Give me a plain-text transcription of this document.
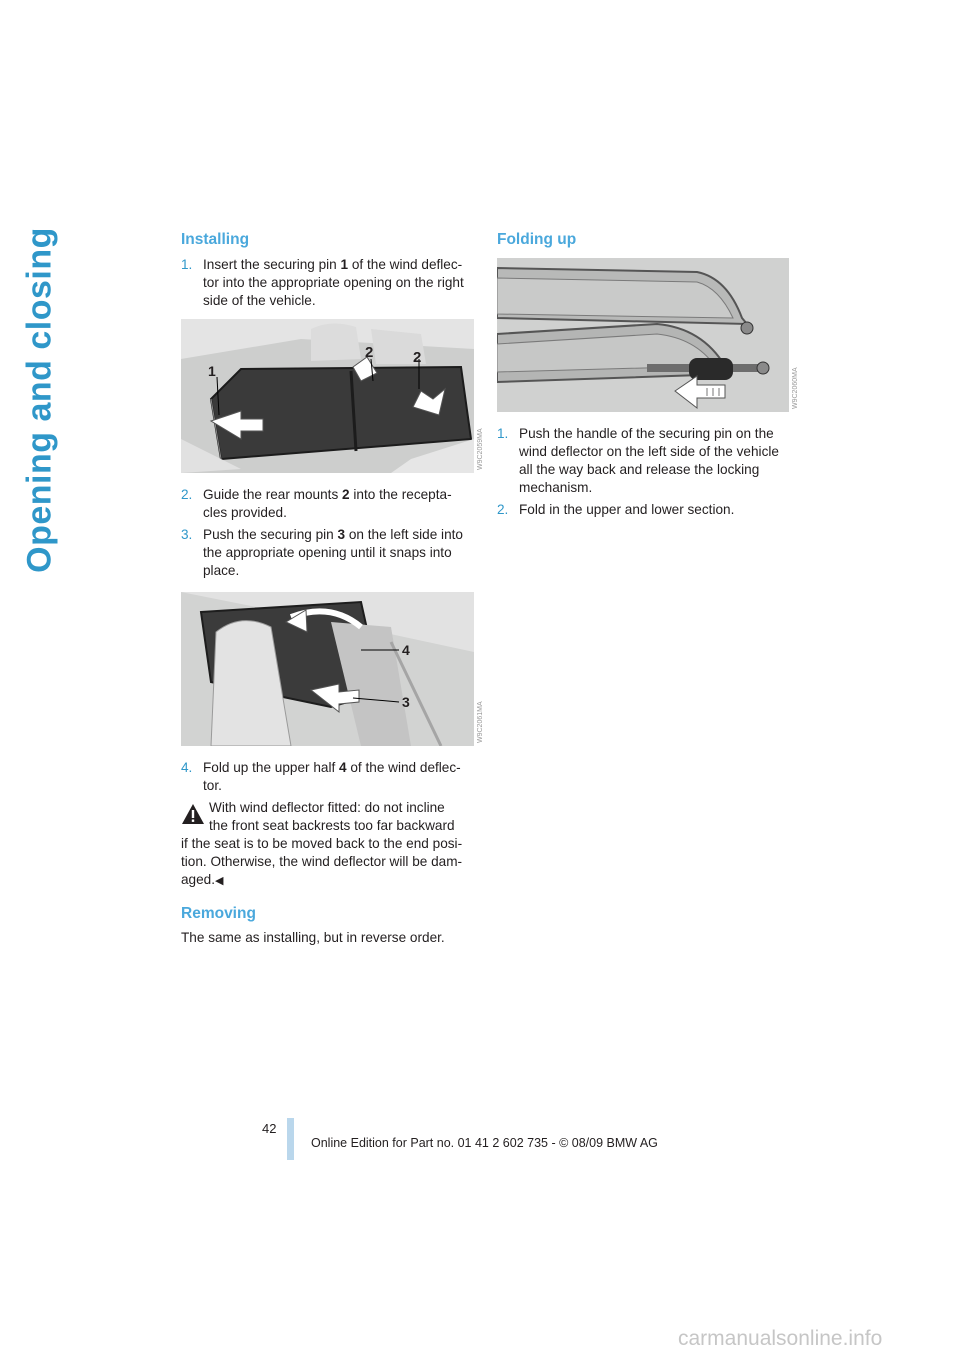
Opening and closing	Installing
1. Insert the securing pin 1 of the wind deflec-
tor into the appropriate opening on the right
side of the vehicle.
1
2	2
W9C2059MA
2. Guide the rear mounts 2 into the recepta-
cles provided.
3. Push the securing pin 3 on the left side into
the appropriate opening until it snaps into
place.
4
3	W9C2061MA
4. Fold up the upper half 4 of the wind deflec-
tor.
With wind deflector fitted: do not incline
the front seat backrests too far backward
if the seat is to be moved back to the end posi-
tion. Otherwise, the wind deflector will be dam-
aged.◀
Removing
The same as installing, but in reverse order.
Folding up
W9C2060MA
1. Push the handle of the securing pin on the
wind deflector on the left side of the vehicle
all the way back and release the locking
mechanism.
2. Fold in the upper and lower section.
42
Online Edition for Part no. 01 41 2 602 735 - © 08/09 BMW AG
carmanualsonline.info
